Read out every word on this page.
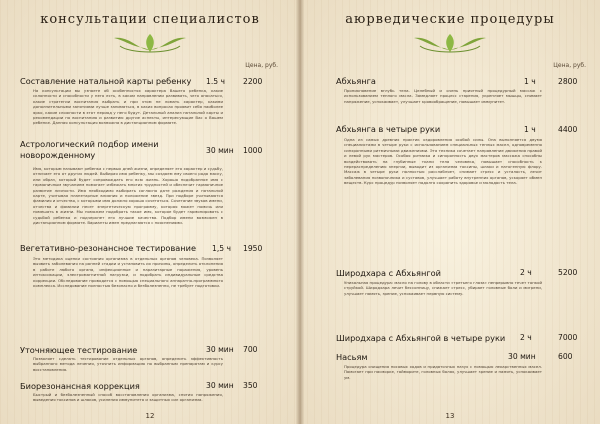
консультации специалистов
Цена, руб.
Составление натальной карты ребенку 1.5 ч 2200

На консультации вы узнаете об особенностях характера Вашего ребенка, какие склонности и способности у него есть, в каком направлении развивать, чего опасаться, какие стратегии воспитания выбрать и при этом не ломать характер, какими дополнительными занятиями лучше заниматься, в каких вопросах проявит себя наиболее ярко, какие сложности в этот период у него будут. Детальный анализ натальной карты и рекомендации по воспитанию и развитию другие аспекты, интересующие Вас о Вашем ребенке. Данная консультация возможна в дистанционном формате.

Астрологический подбор имени новорожденному	30 мин 1000

Имя, которым называют ребенка с первых дней жизни, определяет его характер и судьбу, отличает его от других людей. Выбирая имя ребенку, мы создаем ему своего рода маску, или образ, который будет сопровождать его всю жизнь. Хорошо подобранное имя с гармоничным звучанием помогает избежать многих трудностей и обеспечит гармоничное развитие личности. Имя необходимо выбирать согласно дате рождения и натальной карте, учитывая планетарные влияния и положение звезд. При подборе учитываются фамилия и отчество, с которыми имя должно хорошо сочетаться. Сочетание звуков имени, отчества и фамилии несет энергетическую программу, которая может помочь или помешать в жизни. Мы поможем подобрать такое имя, которое будет гармонировать с судьбой ребенка и подчеркнет его лучшие качества. Подбор имени возможен в дистанционном формате. Варианты имен предлагаются с пояснениями.

Вегетативно-резонансное тестирование 1,5 ч 1950

Это методика оценки состояния организма в отдельных органов человека. Позволяет выявить заболевания на ранней стадии и установить их причины, определить отклонения в работе любого органа, инфекционные и паразитарные поражения, уровень интоксикации, электромагнитной нагрузки, и подобрать индивидуальные средства коррекции. Обследование проводится с помощью специального аппаратно-программного комплекса. Исследование полностью безопасно и безболезненно, не требует подготовки.

Уточняющее тестирование	30 мин 700

Позволяет сделать тестирование отдельных органов, определить эффективность выбранного метода лечения, уточнить информацию по выбранным препаратам и курсу восстановления.

Биорезонансная коррекция	30 мин 350

Быстрый и безболезненный способ восстановления организма, снятия напряжения, выведения токсинов и шлаков, усиления иммунитета и защитных сил организма.

12
аюрведические процедуры
Цена, руб.
Абхьянга	1 ч	2800

Проникновение вглубь тела. Целебный и очень приятный процедурный массаж с использованием теплого масла. Замедляет процесс старения, укрепляет мышцы, снимает напряжение, успокаивает, улучшает кровообращение, повышает иммунитет.

Абхьянга в четыре руки	1 ч	4400

Одна из самых древних практик оздоровления особой силы. Она выполняется двумя специалистами в четыре руки с использованием специальных теплых масел, одновременно синхронными ритмичными движениями. Эта техника сочетает направление движения правой и левой рук мастеров. Особая ритмика и синхронность двух мастеров массажа способны воздействовать на глубинные ткани тела человека, повышает способность к перераспределению энергии, выводит из организма токсины, шлаки и патогенную флору. Массаж в четыре руки полностью расслабляет, снимает стресс и усталость, лечит заболевания позвоночника и суставов, улучшает работу внутренних органов, ускоряет обмен веществ. Курс процедур позволяет надолго сохранить здоровье и молодость тела.

Широдхара с Абхьянгой	2 ч	5200

Уникальная процедура: масло на голову в области «третьего глаза» непрерывно течет тонкой струйкой. Широдхара лечит бессонницу, снижает стресс, убирает головные боли и мигрени, улучшает память, зрение, успокаивает нервную систему.

Широдхара с Абхьянгой в четыре руки 2 ч	7000
Насьям	30 мин	600

Процедура очищения носовых ходов и придаточных пазух с помощью лекарственных масел. Помогает при насморке, гайморите, головных болях, улучшает зрение и память, успокаивает ум.

13
